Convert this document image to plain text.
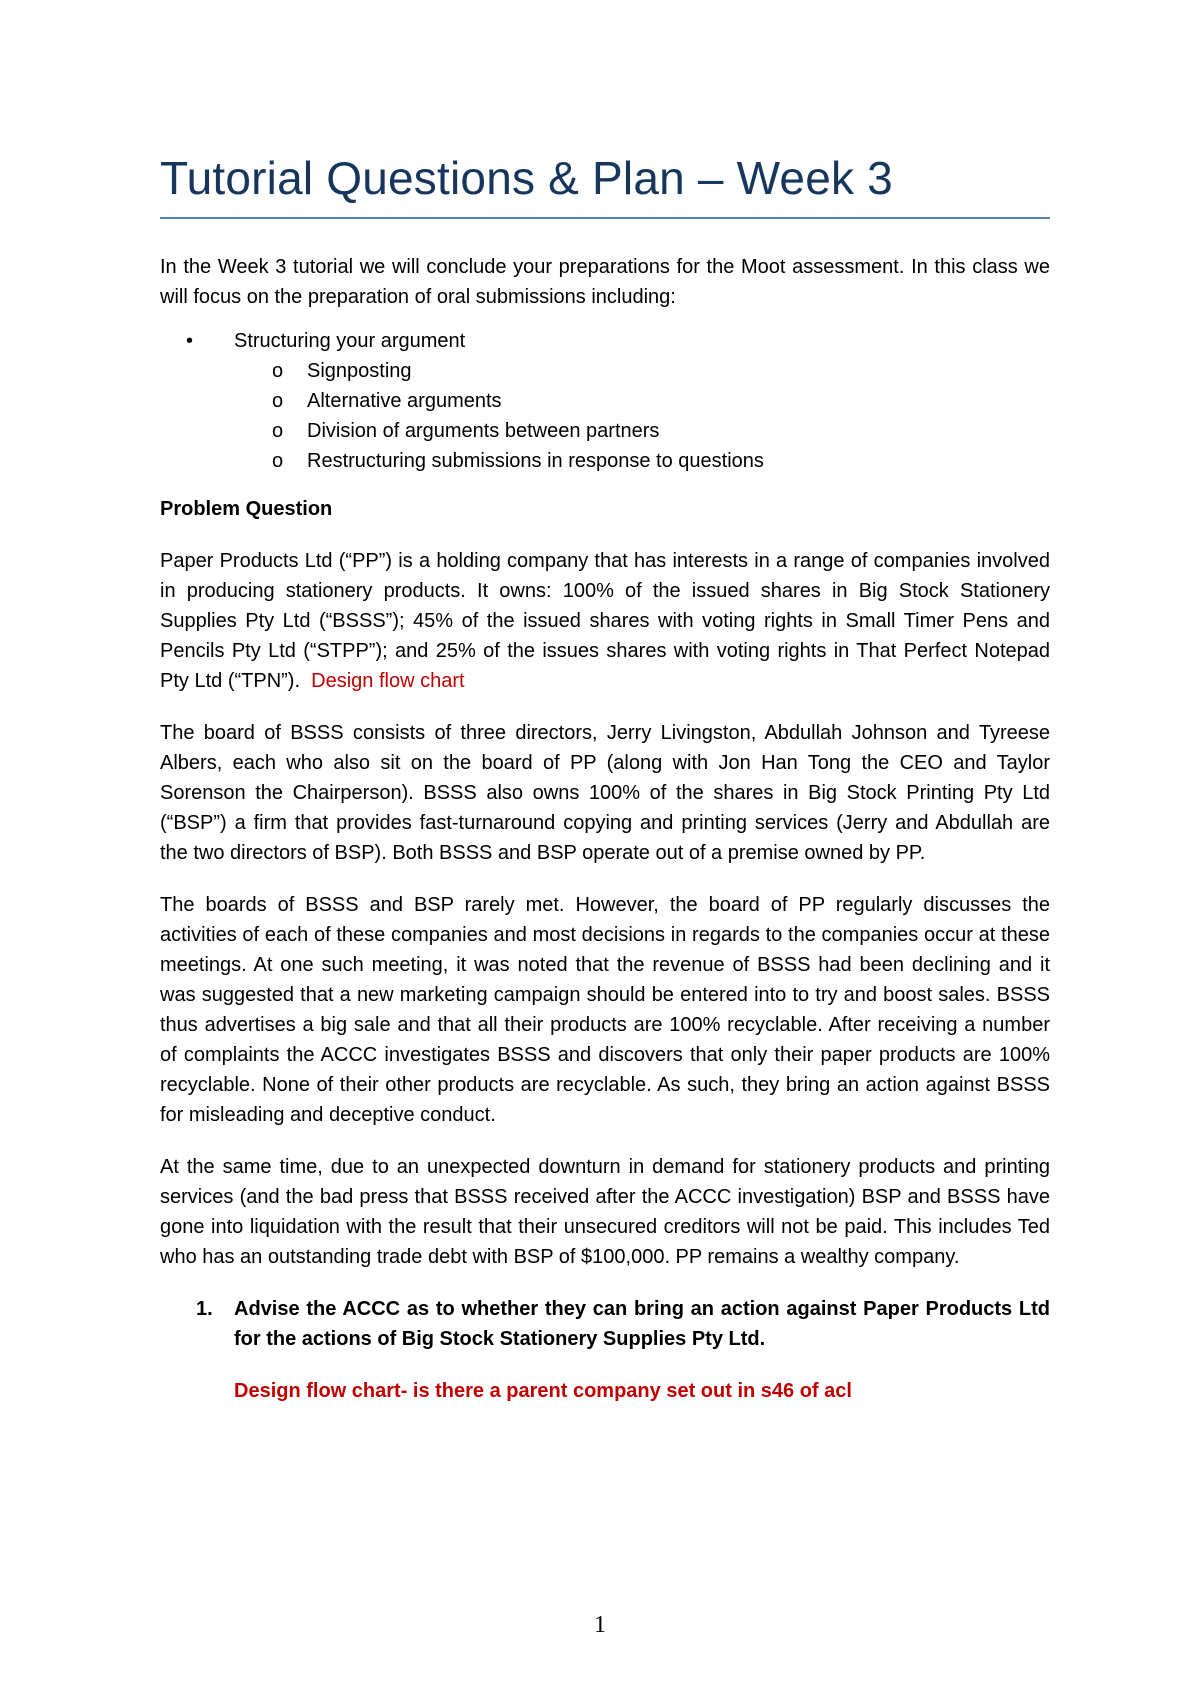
Tutorial Questions & Plan – Week 3

In the Week 3 tutorial we will conclude your preparations for the Moot assessment. In this class we will focus on the preparation of oral submissions including:

• Structuring your argument
o Signposting
o Alternative arguments
o Division of arguments between partners
o Restructuring submissions in response to questions

Problem Question

Paper Products Ltd (“PP”) is a holding company that has interests in a range of companies involved in producing stationery products. It owns: 100% of the issued shares in Big Stock Stationery Supplies Pty Ltd (“BSSS”); 45% of the issued shares with voting rights in Small Timer Pens and Pencils Pty Ltd (“STPP”); and 25% of the issues shares with voting rights in That Perfect Notepad Pty Ltd (“TPN”). Design flow chart

The board of BSSS consists of three directors, Jerry Livingston, Abdullah Johnson and Tyreese Albers, each who also sit on the board of PP (along with Jon Han Tong the CEO and Taylor Sorenson the Chairperson). BSSS also owns 100% of the shares in Big Stock Printing Pty Ltd (“BSP”) a firm that provides fast-turnaround copying and printing services (Jerry and Abdullah are the two directors of BSP). Both BSSS and BSP operate out of a premise owned by PP.

The boards of BSSS and BSP rarely met. However, the board of PP regularly discusses the activities of each of these companies and most decisions in regards to the companies occur at these meetings. At one such meeting, it was noted that the revenue of BSSS had been declining and it was suggested that a new marketing campaign should be entered into to try and boost sales. BSSS thus advertises a big sale and that all their products are 100% recyclable. After receiving a number of complaints the ACCC investigates BSSS and discovers that only their paper products are 100% recyclable. None of their other products are recyclable. As such, they bring an action against BSSS for misleading and deceptive conduct.

At the same time, due to an unexpected downturn in demand for stationery products and printing services (and the bad press that BSSS received after the ACCC investigation) BSP and BSSS have gone into liquidation with the result that their unsecured creditors will not be paid. This includes Ted who has an outstanding trade debt with BSP of $100,000. PP remains a wealthy company.

1. Advise the ACCC as to whether they can bring an action against Paper Products Ltd for the actions of Big Stock Stationery Supplies Pty Ltd.

Design flow chart- is there a parent company set out in s46 of acl

1
